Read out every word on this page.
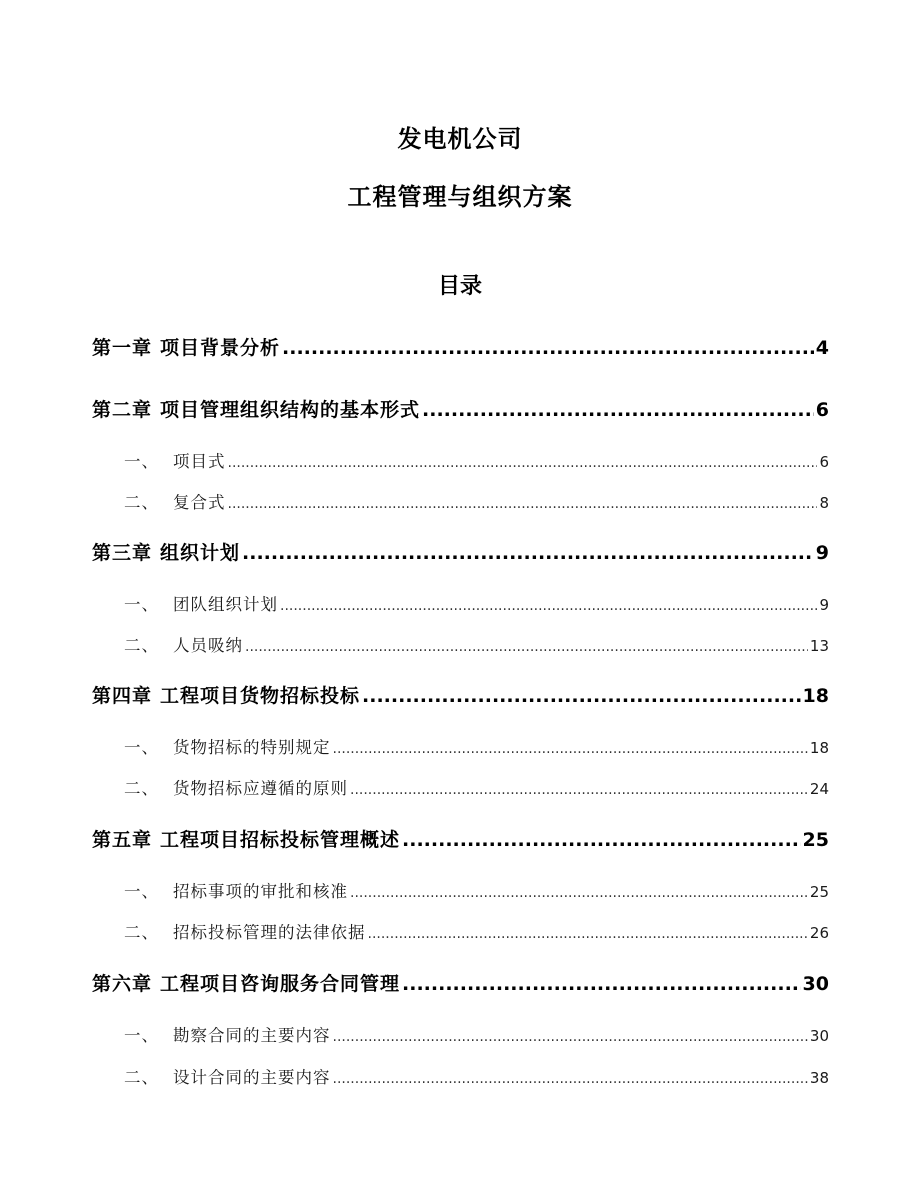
发电机公司
工程管理与组织方案
目录
第一章 项目背景分析 .....	4
第二章 项目管理组织结构的基本形式 .....	6
一、 项目式 .....	6
二、 复合式 .....	8
第三章 组织计划 .....	9
一、 团队组织计划 .....	9
二、 人员吸纳 .....	13
第四章 工程项目货物招标投标 .....	18
一、 货物招标的特别规定 .....	18
二、 货物招标应遵循的原则 .....	24
第五章 工程项目招标投标管理概述 .....	25
一、 招标事项的审批和核准 .....	25
二、 招标投标管理的法律依据 .....	26
第六章 工程项目咨询服务合同管理 .....	30
一、 勘察合同的主要内容 .....	30
二、 设计合同的主要内容 .....	38
